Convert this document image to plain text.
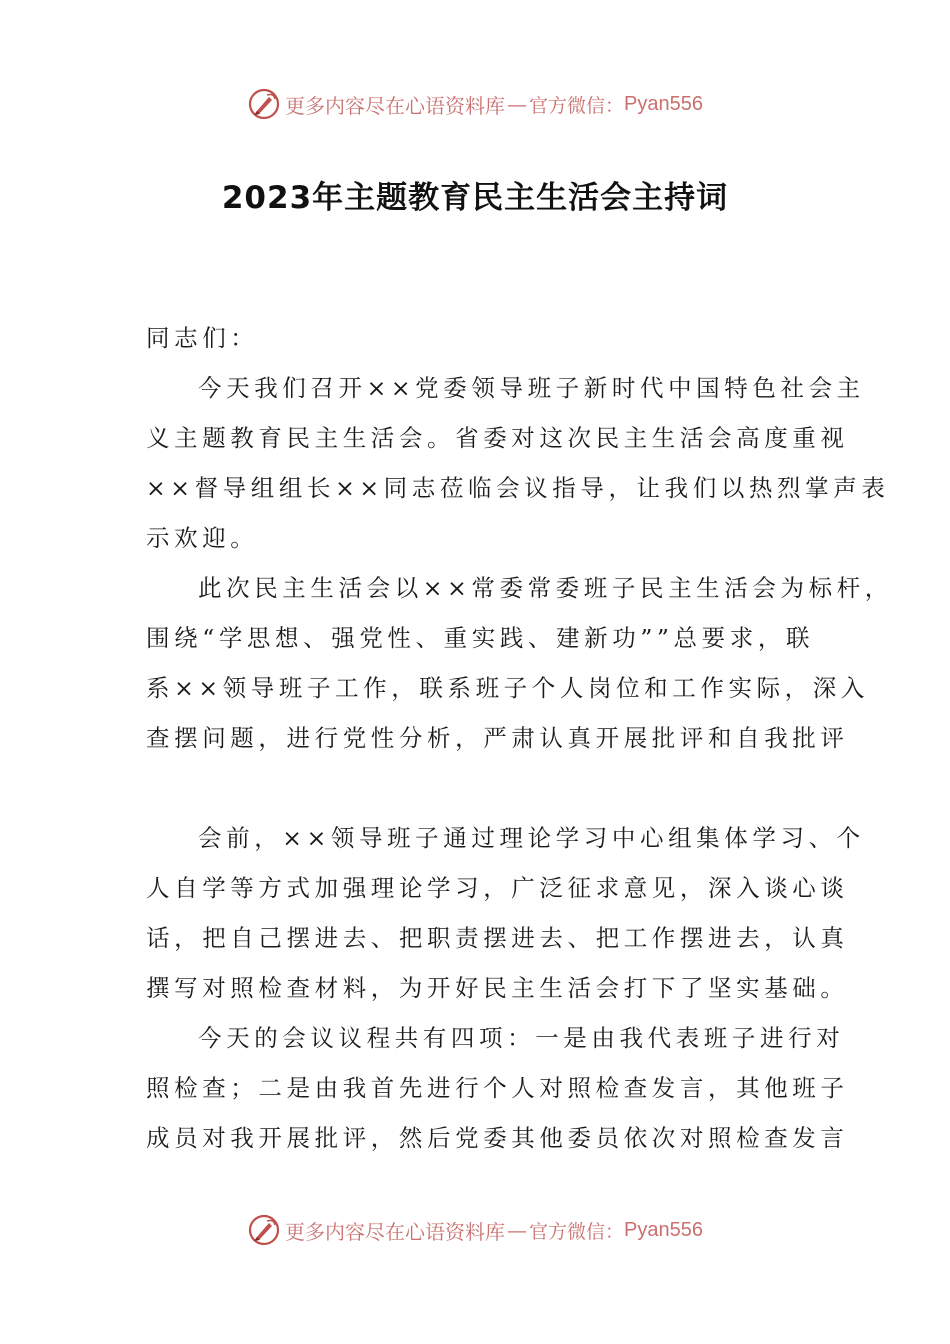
更多内容尽在心语资料库 — 官方微信： Pyan556
2023年主题教育民主生活会主持词
同志们：
今天我们召开××党委领导班子新时代中国特色社会主
义主题教育民主生活会。省委对这次民主生活会高度重视
××督导组组长××同志莅临会议指导，让我们以热烈掌声表
示欢迎。
此次民主生活会以××常委常委班子民主生活会为标杆，
围绕“学思想、强党性、重实践、建新功””总要求，联
系××领导班子工作，联系班子个人岗位和工作实际，深入
查摆问题，进行党性分析，严肃认真开展批评和自我批评
会前，××领导班子通过理论学习中心组集体学习、个
人自学等方式加强理论学习，广泛征求意见，深入谈心谈
话，把自己摆进去、把职责摆进去、把工作摆进去，认真
撰写对照检查材料，为开好民主生活会打下了坚实基础。
今天的会议议程共有四项：一是由我代表班子进行对
照检查；二是由我首先进行个人对照检查发言，其他班子
成员对我开展批评，然后党委其他委员依次对照检查发言
更多内容尽在心语资料库 — 官方微信： Pyan556
